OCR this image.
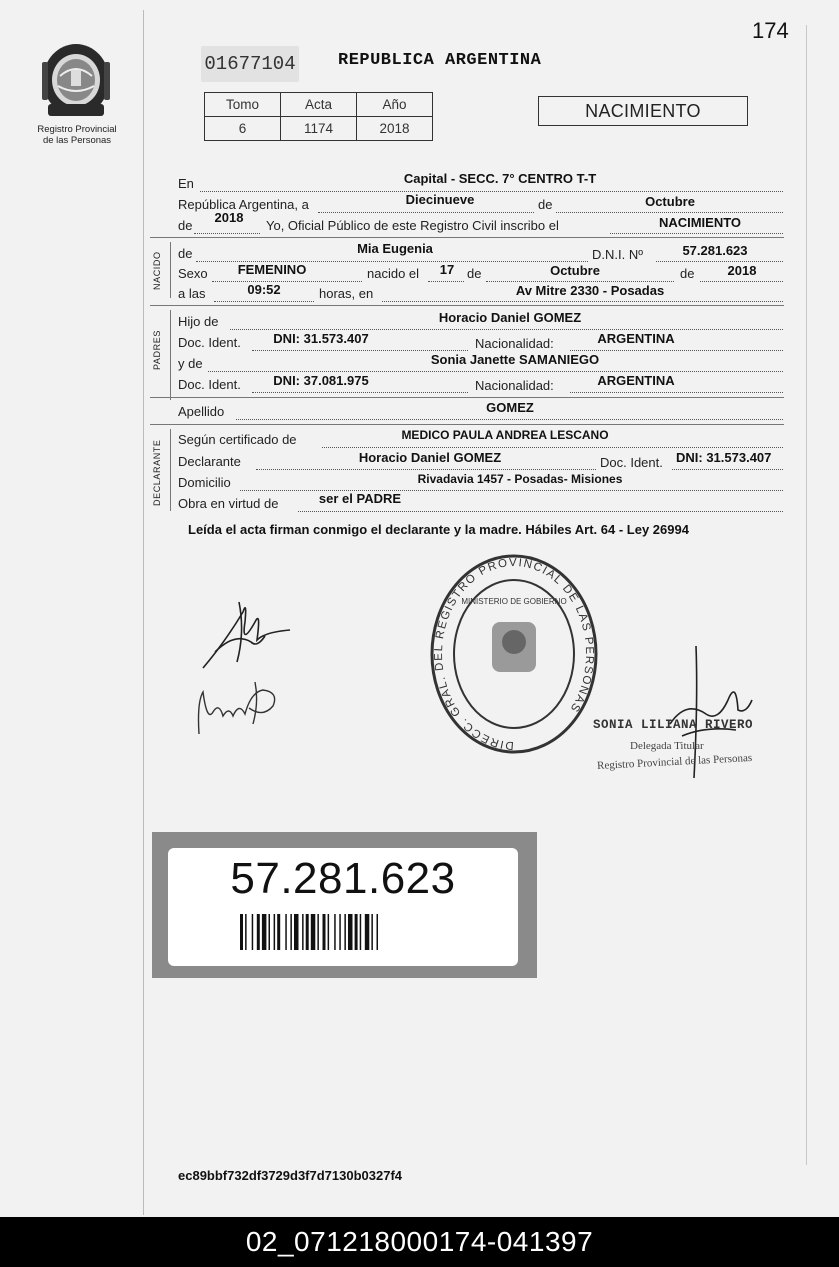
174
Registro Provincial
de las Personas
01677104 REPUBLICA ARGENTINA
Tomo	Acta	Año
6	1174	2018
NACIMIENTO
En	Capital - SECC. 7° CENTRO T-T
República Argentina, a	Diecinueve	de	Octubre
de
2018
Yo, Oficial Público de este Registro Civil inscribo el	NACIMIENTO
NACIDO de	Mia Eugenia	D.N.I. Nº	57.281.623
Sexo	FEMENINO	nacido el	17 de	Octubre	de	2018
a las	09:52	horas, en	Av Mitre 2330 - Posadas
PADRES
Hijo de	Horacio Daniel GOMEZ
Doc. Ident.	DNI: 31.573.407	Nacionalidad:	ARGENTINA
y de	Sonia Janette SAMANIEGO
Doc. Ident.	DNI: 37.081.975	Nacionalidad:	ARGENTINA
Apellido	GOMEZ
DECLARANTE Según certificado de	MEDICO PAULA ANDREA LESCANO
Declarante	Horacio Daniel GOMEZ	Doc. Ident. DNI: 31.573.407
Domicilio	Rivadavia 1457 - Posadas- Misiones
Obra en virtud de	ser el PADRE
Leída el acta firman conmigo el declarante y la madre. Hábiles Art. 64 - Ley 26994
DIRECC. GRAL. DEL REGISTRO PROVINCIAL DE LAS PERSONAS
MINISTERIO DE GOBIERNO
SONIA LILIANA RIVERO
Delegada Titular
Registro Provincial de las Personas
57.281.623
ec89bbf732df3729d3f7d7130b0327f4
02_071218000174-041397
